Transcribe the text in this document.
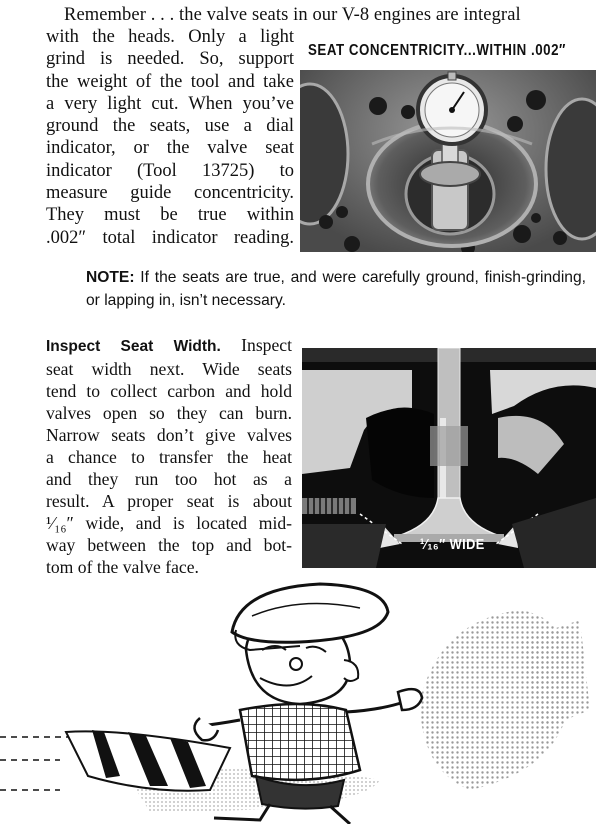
Remember . . . the valve seats in our V-8 engines are integral

with the heads. Only a light
grind is needed. So, support
the weight of the tool and take
a very light cut. When you’ve
ground the seats, use a dial
indicator, or the valve seat
indicator (Tool 13725) to
measure guide concentricity.
They must be true within
.002″ total indicator reading.
SEAT CONCENTRICITY...WITHIN .002″

NOTE: If the seats are true, and were carefully ground, finish-grinding, or lapping in, isn’t necessary.

Inspect Seat Width. Inspect
seat width next. Wide seats
tend to collect carbon and hold
valves open so they can burn.
Narrow seats don’t give valves
a chance to transfer the heat
and they run too hot as a
result. A proper seat is about
¹⁄₁₆″ wide, and is located mid-
way between the top and bot-
tom of the valve face.
¹⁄₁₆″ WIDE
